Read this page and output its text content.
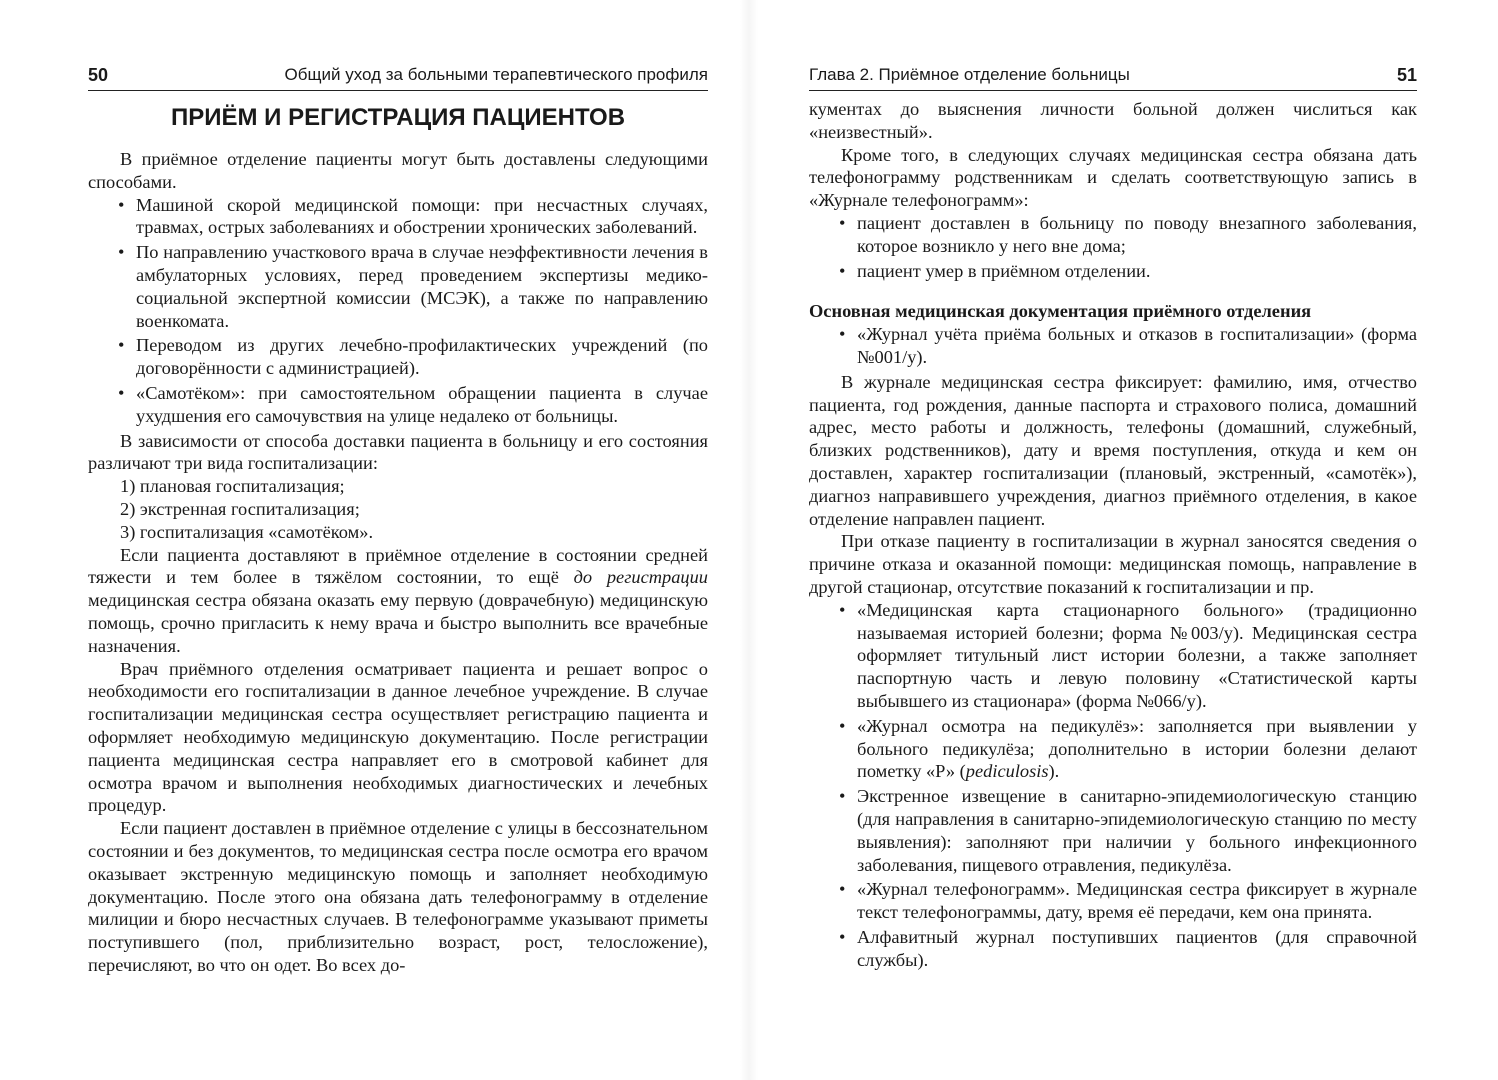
50	Общий уход за больными терапевтического профиля
ПРИЁМ И РЕГИСТРАЦИЯ ПАЦИЕНТОВ

В приёмное отделение пациенты могут быть доставлены следующими способами.

• Машиной скорой медицинской помощи: при несчастных случаях, травмах, острых заболеваниях и обострении хронических заболеваний.
• По направлению участкового врача в случае неэффективности лечения в амбулаторных условиях, перед проведением экспертизы медико-социальной экспертной комиссии (МСЭК), а также по направлению военкомата.
• Переводом из других лечебно-профилактических учреждений (по договорённости с администрацией).
• «Самотёком»: при самостоятельном обращении пациента в случае ухудшения его самочувствия на улице недалеко от больницы.

В зависимости от способа доставки пациента в больницу и его состояния различают три вида госпитализации:

1) плановая госпитализация;
2) экстренная госпитализация;
3) госпитализация «самотёком».

Если пациента доставляют в приёмное отделение в состоянии средней тяжести и тем более в тяжёлом состоянии, то ещё до регистрации медицинская сестра обязана оказать ему первую (доврачебную) медицинскую помощь, срочно пригласить к нему врача и быстро выполнить все врачебные назначения.

Врач приёмного отделения осматривает пациента и решает вопрос о необходимости его госпитализации в данное лечебное учреждение. В случае госпитализации медицинская сестра осуществляет регистрацию пациента и оформляет необходимую медицинскую документацию. После регистрации пациента медицинская сестра направляет его в смотровой кабинет для осмотра врачом и выполнения необходимых диагностических и лечебных процедур.

Если пациент доставлен в приёмное отделение с улицы в бессознательном состоянии и без документов, то медицинская сестра после осмотра его врачом оказывает экстренную медицинскую помощь и заполняет необходимую документацию. После этого она обязана дать телефонограмму в отделение милиции и бюро несчастных случаев. В телефонограмме указывают приметы поступившего (пол, приблизительно возраст, рост, телосложение), перечисляют, во что он одет. Во всех до-

Глава 2. Приёмное отделение больницы	51

кументах до выяснения личности больной должен числиться как «неизвестный».

Кроме того, в следующих случаях медицинская сестра обязана дать телефонограмму родственникам и сделать соответствующую запись в «Журнале телефонограмм»:

• пациент доставлен в больницу по поводу внезапного заболевания, которое возникло у него вне дома;
• пациент умер в приёмном отделении.
Основная медицинская документация приёмного отделения
• «Журнал учёта приёма больных и отказов в госпитализации» (форма №001/у).

В журнале медицинская сестра фиксирует: фамилию, имя, отчество пациента, год рождения, данные паспорта и страхового полиса, домашний адрес, место работы и должность, телефоны (домашний, служебный, близких родственников), дату и время поступления, откуда и кем он доставлен, характер госпитализации (плановый, экстренный, «самотёк»), диагноз направившего учреждения, диагноз приёмного отделения, в какое отделение направлен пациент.

При отказе пациенту в госпитализации в журнал заносятся сведения о причине отказа и оказанной помощи: медицинская помощь, направление в другой стационар, отсутствие показаний к госпитализации и пр.

• «Медицинская карта стационарного больного» (традиционно называемая историей болезни; форма №003/у). Медицинская сестра оформляет титульный лист истории болезни, а также заполняет паспортную часть и левую половину «Статистической карты выбывшего из стационара» (форма №066/у).
• «Журнал осмотра на педикулёз»: заполняется при выявлении у больного педикулёза; дополнительно в истории болезни делают пометку «Р» (pediculosis).
• Экстренное извещение в санитарно-эпидемиологическую станцию (для направления в санитарно-эпидемиологическую станцию по месту выявления): заполняют при наличии у больного инфекционного заболевания, пищевого отравления, педикулёза.
• «Журнал телефонограмм». Медицинская сестра фиксирует в журнале текст телефонограммы, дату, время её передачи, кем она принята.
• Алфавитный журнал поступивших пациентов (для справочной службы).
